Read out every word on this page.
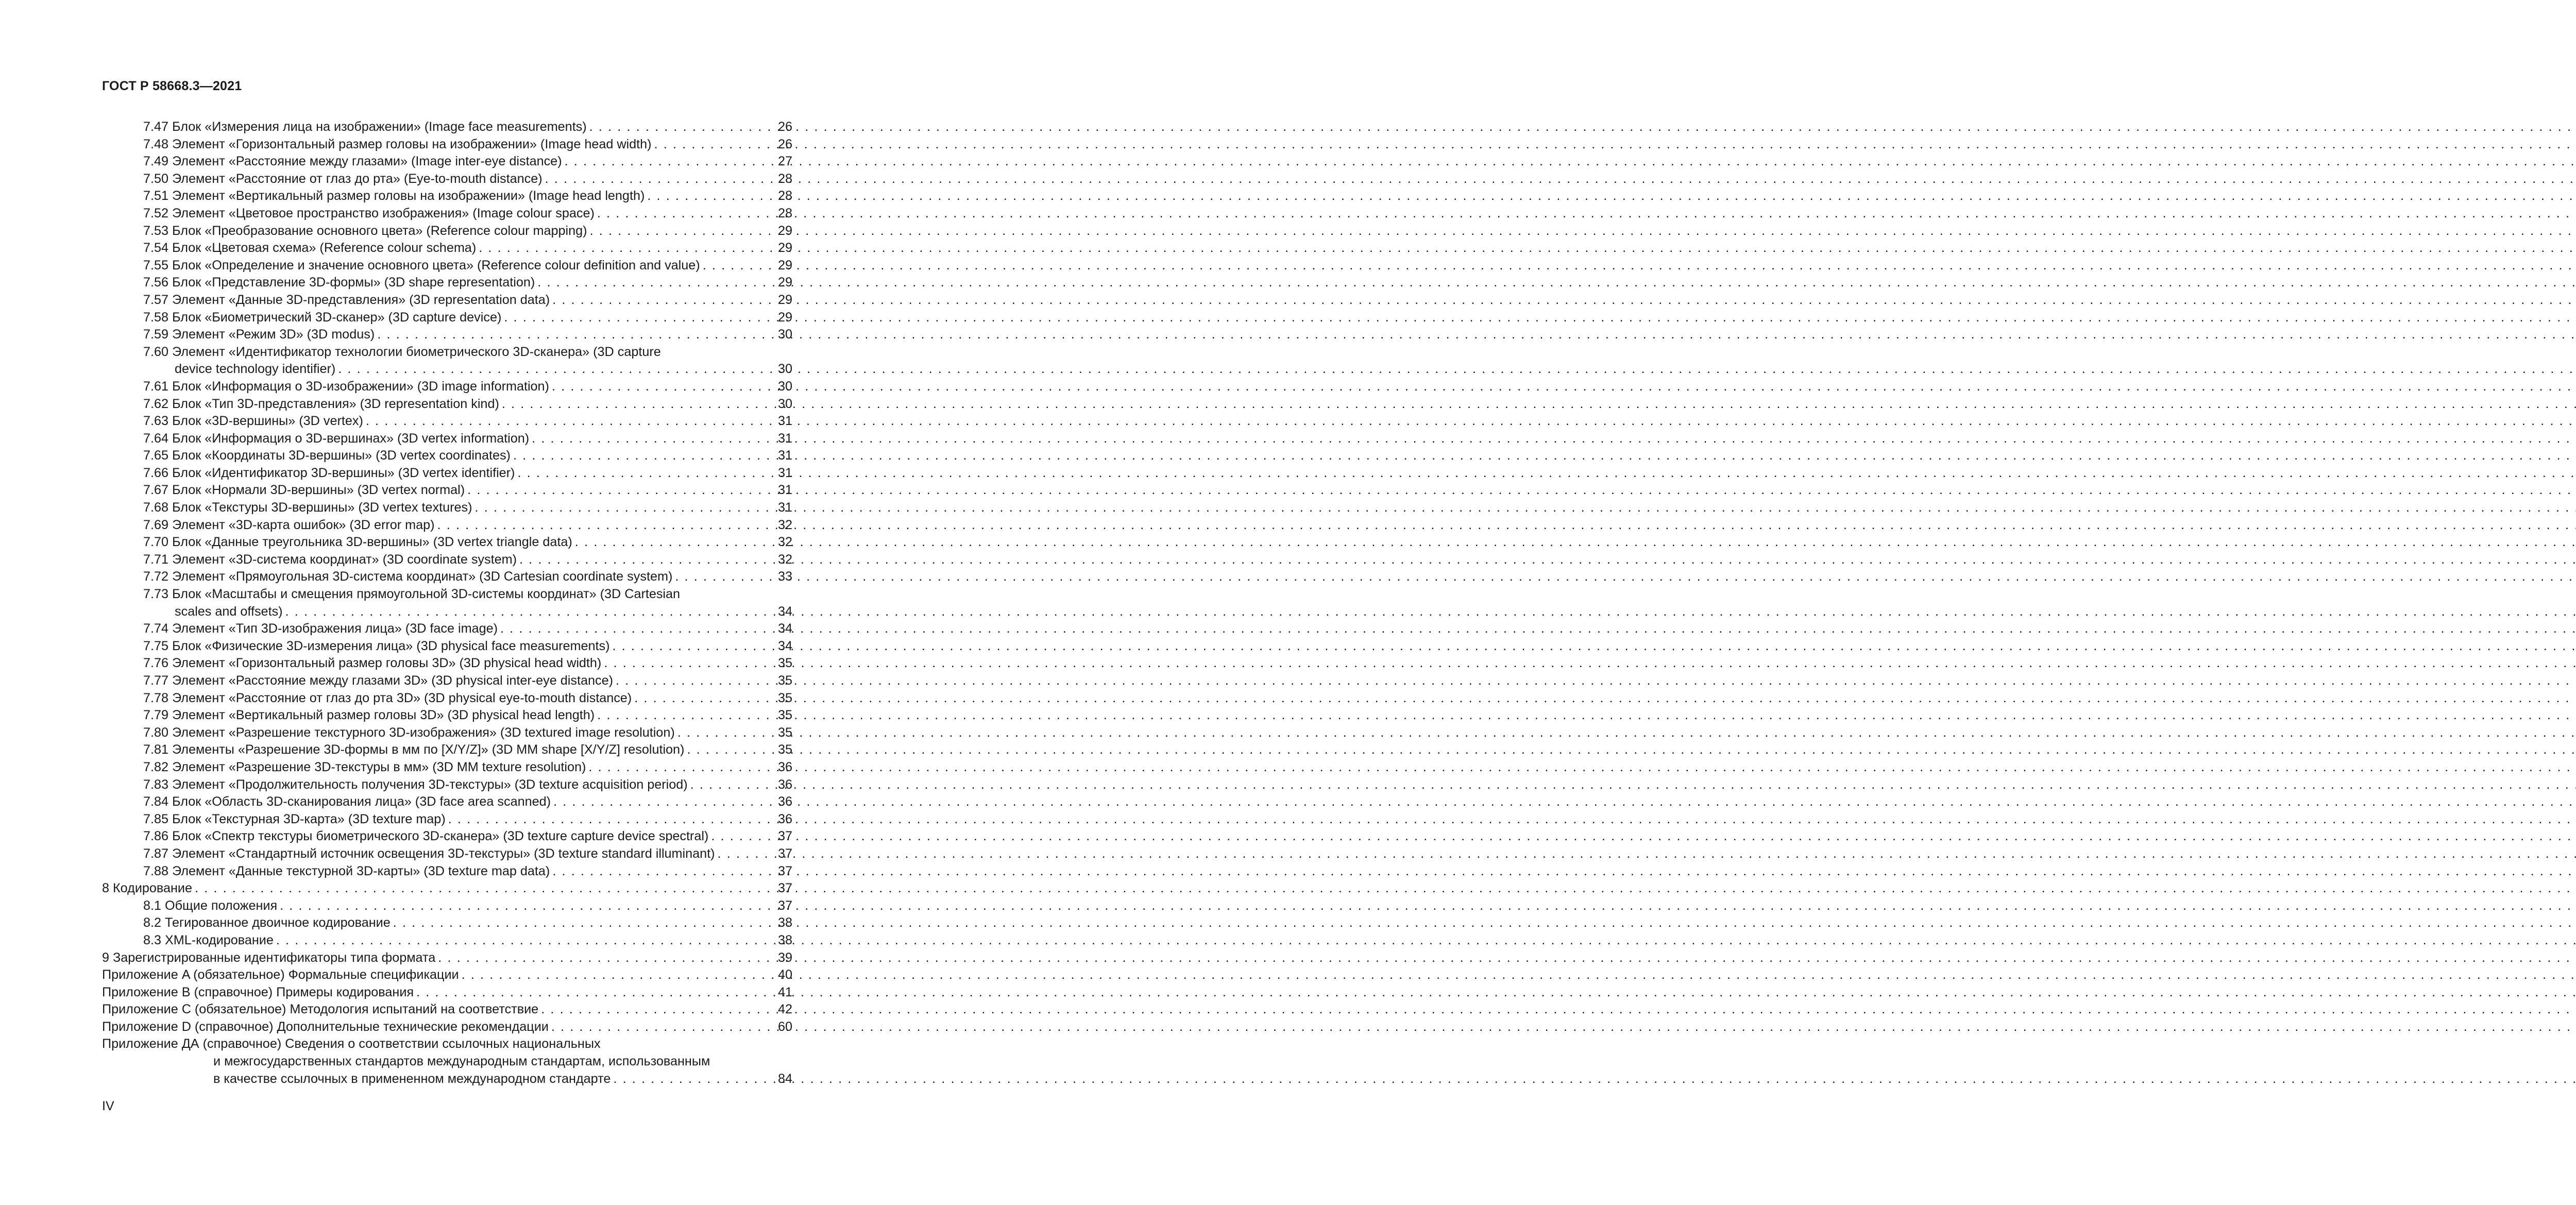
ГОСТ Р 58668.3—2021
7.47 Блок «Измерения лица на изображении» (Image face measurements) . . .	26
7.48 Элемент «Горизонтальный размер головы на изображении» (Image head width) . . .	26
7.49 Элемент «Расстояние между глазами» (Image inter-eye distance) . . .	27
7.50 Элемент «Расстояние от глаз до рта» (Eye-to-mouth distance) . . .	28
7.51 Элемент «Вертикальный размер головы на изображении» (Image head length) . . .	28
7.52 Элемент «Цветовое пространство изображения» (Image colour space) . . .	28
7.53 Блок «Преобразование основного цвета» (Reference colour mapping) . . .	29
7.54 Блок «Цветовая схема» (Reference colour schema) . . .	29
7.55 Блок «Определение и значение основного цвета» (Reference colour definition and value) . . .	29
7.56 Блок «Представление 3D-формы» (3D shape representation) . . .	29
7.57 Элемент «Данные 3D-представления» (3D representation data) . . .	29
7.58 Блок «Биометрический 3D-сканер» (3D capture device) . . .	29
7.59 Элемент «Режим 3D» (3D modus) . . .	30
7.60 Элемент «Идентификатор технологии биометрического 3D-сканера» (3D capture
device technology identifier) . . .	30
7.61 Блок «Информация о 3D-изображении» (3D image information) . . .	30
7.62 Блок «Тип 3D-представления» (3D representation kind) . . .	30
7.63 Блок «3D-вершины» (3D vertex) . . .	31
7.64 Блок «Информация о 3D-вершинах» (3D vertex information) . . .	31
7.65 Блок «Координаты 3D-вершины» (3D vertex coordinates) . . .	31
7.66 Блок «Идентификатор 3D-вершины» (3D vertex identifier) . . .	31
7.67 Блок «Нормали 3D-вершины» (3D vertex normal) . . .	31
7.68 Блок «Текстуры 3D-вершины» (3D vertex textures) . . .	31
7.69 Элемент «3D-карта ошибок» (3D error map) . . .	32
7.70 Блок «Данные треугольника 3D-вершины» (3D vertex triangle data) . . .	32
7.71 Элемент «3D-система координат» (3D coordinate system) . . .	32
7.72 Элемент «Прямоугольная 3D-система координат» (3D Cartesian coordinate system) . . .	33
7.73 Блок «Масштабы и смещения прямоугольной 3D-системы координат» (3D Cartesian
scales and offsets) . . .	34
7.74 Элемент «Тип 3D-изображения лица» (3D face image) . . .	34
7.75 Блок «Физические 3D-измерения лица» (3D physical face measurements) . . .	34
7.76 Элемент «Горизонтальный размер головы 3D» (3D physical head width) . . .	35
7.77 Элемент «Расстояние между глазами 3D» (3D physical inter-eye distance) . . .	35
7.78 Элемент «Расстояние от глаз до рта 3D» (3D physical eye-to-mouth distance) . . .	35
7.79 Элемент «Вертикальный размер головы 3D» (3D physical head length) . . .	35
7.80 Элемент «Разрешение текстурного 3D-изображения» (3D textured image resolution) . . .	35
7.81 Элементы «Разрешение 3D-формы в мм по [X/Y/Z]» (3D MM shape [X/Y/Z] resolution) . . .	35
7.82 Элемент «Разрешение 3D-текстуры в мм» (3D MM texture resolution) . . .	36
7.83 Элемент «Продолжительность получения 3D-текстуры» (3D texture acquisition period) . . .	36
7.84 Блок «Область 3D-сканирования лица» (3D face area scanned) . . .	36
7.85 Блок «Текстурная 3D-карта» (3D texture map) . . .	36
7.86 Блок «Спектр текстуры биометрического 3D-сканера» (3D texture capture device spectral) . . .	37
7.87 Элемент «Стандартный источник освещения 3D-текстуры» (3D texture standard illuminant) . . .	37
7.88 Элемент «Данные текстурной 3D-карты» (3D texture map data) . . .	37
8 Кодирование . . .	37
8.1 Общие положения . . .	37
8.2 Тегированное двоичное кодирование . . .	38
8.3 XML-кодирование . . .	38
9 Зарегистрированные идентификаторы типа формата . . .	39
Приложение A (обязательное) Формальные спецификации . . .	40
Приложение B (справочное) Примеры кодирования . . .	41
Приложение C (обязательное) Методология испытаний на соответствие . . .	42
Приложение D (справочное) Дополнительные технические рекомендации . . .	60
Приложение ДА (справочное) Сведения о соответствии ссылочных национальных
и межгосударственных стандартов международным стандартам, использованным
в качестве ссылочных в примененном международном стандарте . . .	84
IV
